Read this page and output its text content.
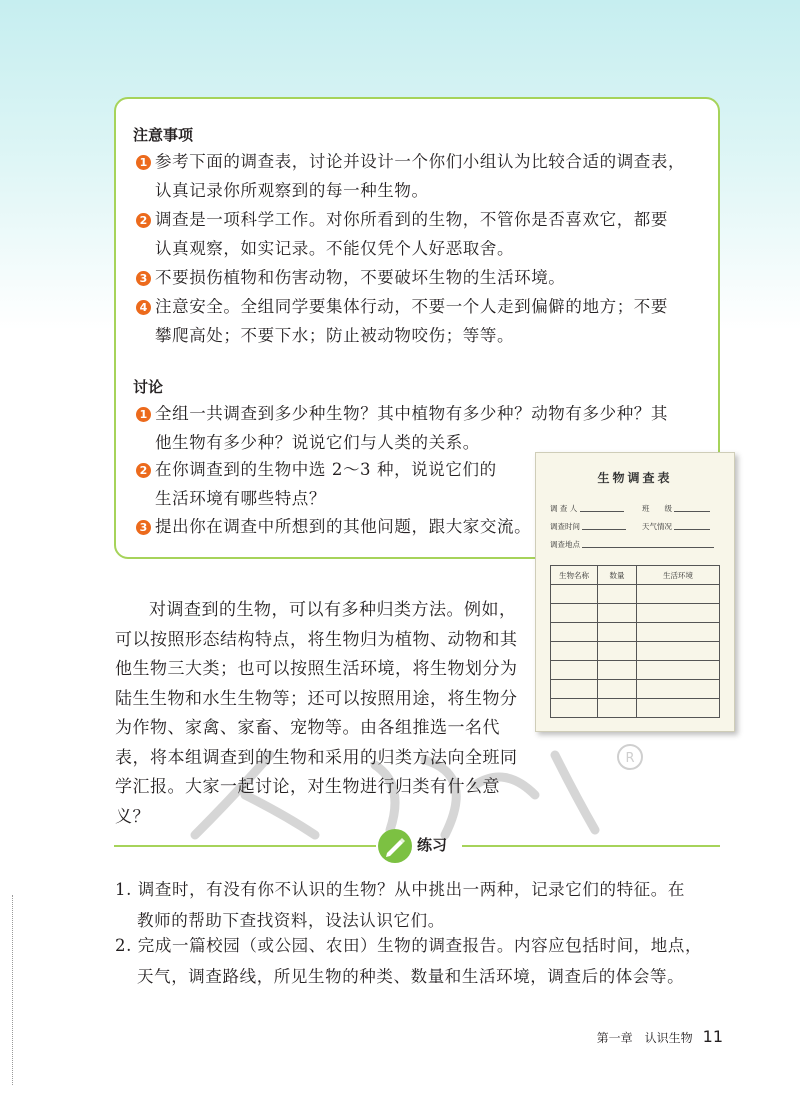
注意事项
1 参考下面的调查表，讨论并设计一个你们小组认为比较合适的调查表，
认真记录你所观察到的每一种生物。
2 调查是一项科学工作。对你所看到的生物，不管你是否喜欢它，都要
认真观察，如实记录。不能仅凭个人好恶取舍。
3 不要损伤植物和伤害动物，不要破坏生物的生活环境。
4 注意安全。全组同学要集体行动，不要一个人走到偏僻的地方；不要
攀爬高处；不要下水；防止被动物咬伤；等等。
讨论
1 全组一共调查到多少种生物？其中植物有多少种？动物有多少种？其
他生物有多少种？说说它们与人类的关系。
2 在你调查到的生物中选 2～3 种，说说它们的
生活环境有哪些特点？
3 提出你在调查中所想到的其他问题，跟大家交流。
生物调查表
调 查 人	班　　级
调查时间	天气情况
调查地点
生物名称	数量	生活环境

R

对调查到的生物，可以有多种归类方法。例如，可以按照形态结构特点，将生物归为植物、动物和其他生物三大类；也可以按照生活环境，将生物划分为陆生生物和水生生物等；还可以按照用途，将生物分为作物、家禽、家畜、宠物等。由各组推选一名代表，将本组调查到的生物和采用的归类方法向全班同学汇报。大家一起讨论，对生物进行归类有什么意义？

练习
1. 调查时，有没有你不认识的生物？从中挑出一两种，记录它们的特征。在
教师的帮助下查找资料，设法认识它们。
2. 完成一篇校园（或公园、农田）生物的调查报告。内容应包括时间，地点，
天气，调查路线，所见生物的种类、数量和生活环境，调查后的体会等。
第一章　认识生物 11
